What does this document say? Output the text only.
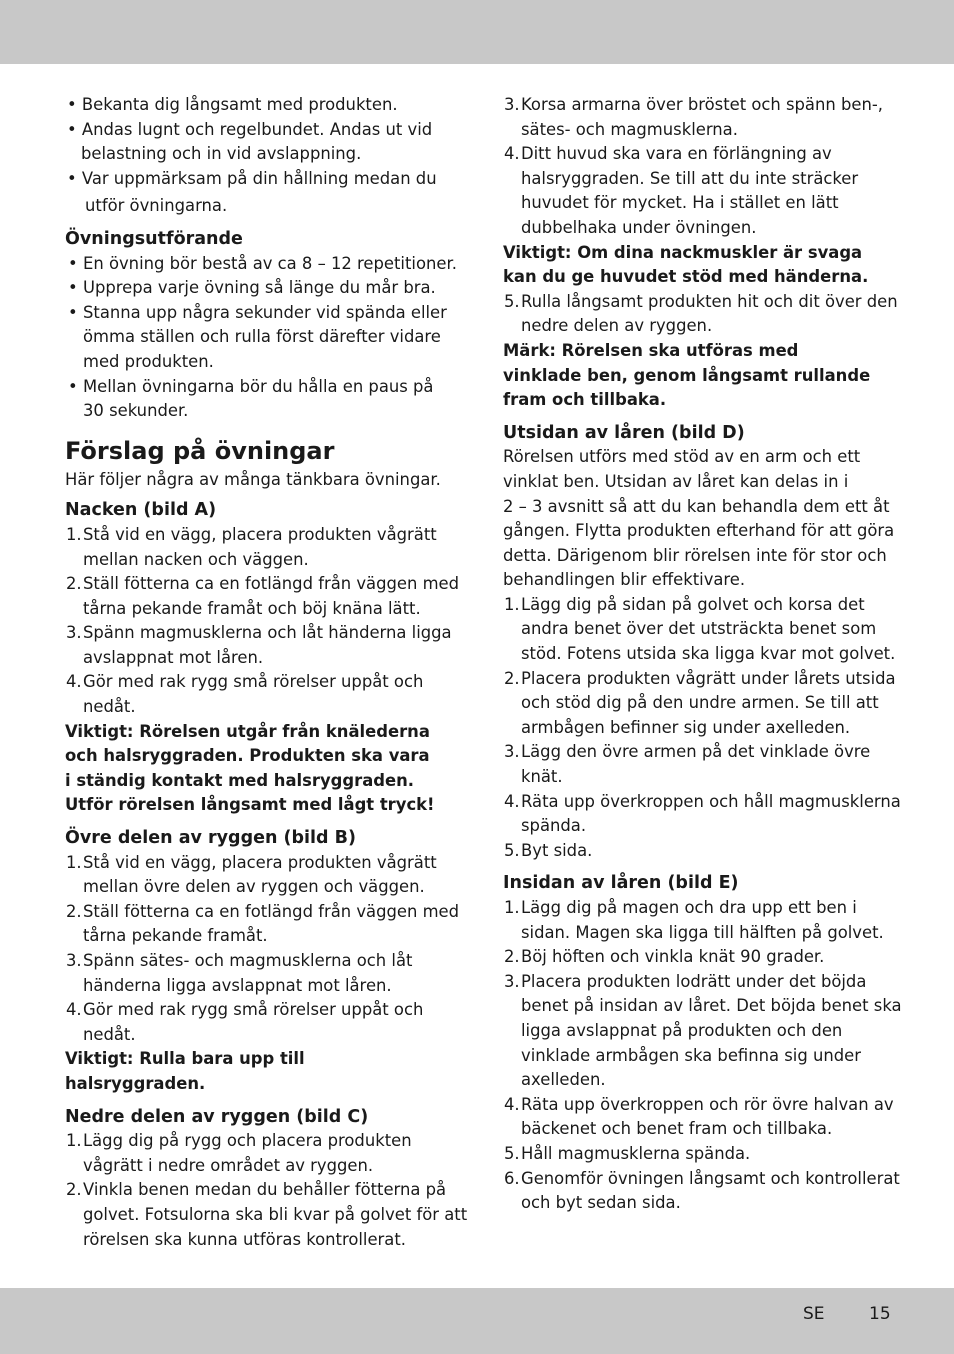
• Bekanta dig långsamt med produkten.
• Andas lugnt och regelbundet. Andas ut vid
belastning och in vid avslappning.
• Var uppmärksam på din hållning medan du
utför övningarna.
Övningsutförande
• En övning bör bestå av ca 8 – 12 repetitioner.
• Upprepa varje övning så länge du mår bra.
• Stanna upp några sekunder vid spända eller
ömma ställen och rulla först därefter vidare
med produkten.
• Mellan övningarna bör du hålla en paus på
30 sekunder.
Förslag på övningar
Här följer några av många tänkbara övningar.
Nacken (bild A)
1. Stå vid en vägg, placera produkten vågrätt
mellan nacken och väggen.
2. Ställ fötterna ca en fotlängd från väggen med
tårna pekande framåt och böj knäna lätt.
3. Spänn magmusklerna och låt händerna ligga
avslappnat mot låren.
4. Gör med rak rygg små rörelser uppåt och
nedåt.
Viktigt: Rörelsen utgår från knälederna
och halsryggraden. Produkten ska vara
i ständig kontakt med halsryggraden.
Utför rörelsen långsamt med lågt tryck!
Övre delen av ryggen (bild B)
1. Stå vid en vägg, placera produkten vågrätt
mellan övre delen av ryggen och väggen.
2. Ställ fötterna ca en fotlängd från väggen med
tårna pekande framåt.
3. Spänn sätes- och magmusklerna och låt
händerna ligga avslappnat mot låren.
4. Gör med rak rygg små rörelser uppåt och
nedåt.
Viktigt: Rulla bara upp till
halsryggraden.
Nedre delen av ryggen (bild C)
1. Lägg dig på rygg och placera produkten
vågrätt i nedre området av ryggen.
2. Vinkla benen medan du behåller fötterna på
golvet. Fotsulorna ska bli kvar på golvet för att
rörelsen ska kunna utföras kontrollerat.
3. Korsa armarna över bröstet och spänn ben-,
sätes- och magmusklerna.
4. Ditt huvud ska vara en förlängning av
halsryggraden. Se till att du inte sträcker
huvudet för mycket. Ha i stället en lätt
dubbelhaka under övningen.
Viktigt: Om dina nackmuskler är svaga
kan du ge huvudet stöd med händerna.
5. Rulla långsamt produkten hit och dit över den
nedre delen av ryggen.
Märk: Rörelsen ska utföras med
vinklade ben, genom långsamt rullande
fram och tillbaka.
Utsidan av låren (bild D)
Rörelsen utförs med stöd av en arm och ett
vinklat ben. Utsidan av låret kan delas in i
2 – 3 avsnitt så att du kan behandla dem ett åt
gången. Flytta produkten efterhand för att göra
detta. Därigenom blir rörelsen inte för stor och
behandlingen blir effektivare.
1. Lägg dig på sidan på golvet och korsa det
andra benet över det utsträckta benet som
stöd. Fotens utsida ska ligga kvar mot golvet.
2. Placera produkten vågrätt under lårets utsida
och stöd dig på den undre armen. Se till att
armbågen befinner sig under axelleden.
3. Lägg den övre armen på det vinklade övre
knät.
4. Räta upp överkroppen och håll magmusklerna
spända.
5. Byt sida.
Insidan av låren (bild E)
1. Lägg dig på magen och dra upp ett ben i
sidan. Magen ska ligga till hälften på golvet.
2. Böj höften och vinkla knät 90 grader.
3. Placera produkten lodrätt under det böjda
benet på insidan av låret. Det böjda benet ska
ligga avslappnat på produkten och den
vinklade armbågen ska befinna sig under
axelleden.
4. Räta upp överkroppen och rör övre halvan av
bäckenet och benet fram och tillbaka.
5. Håll magmusklerna spända.
6. Genomför övningen långsamt och kontrollerat
och byt sedan sida.
SE	15
